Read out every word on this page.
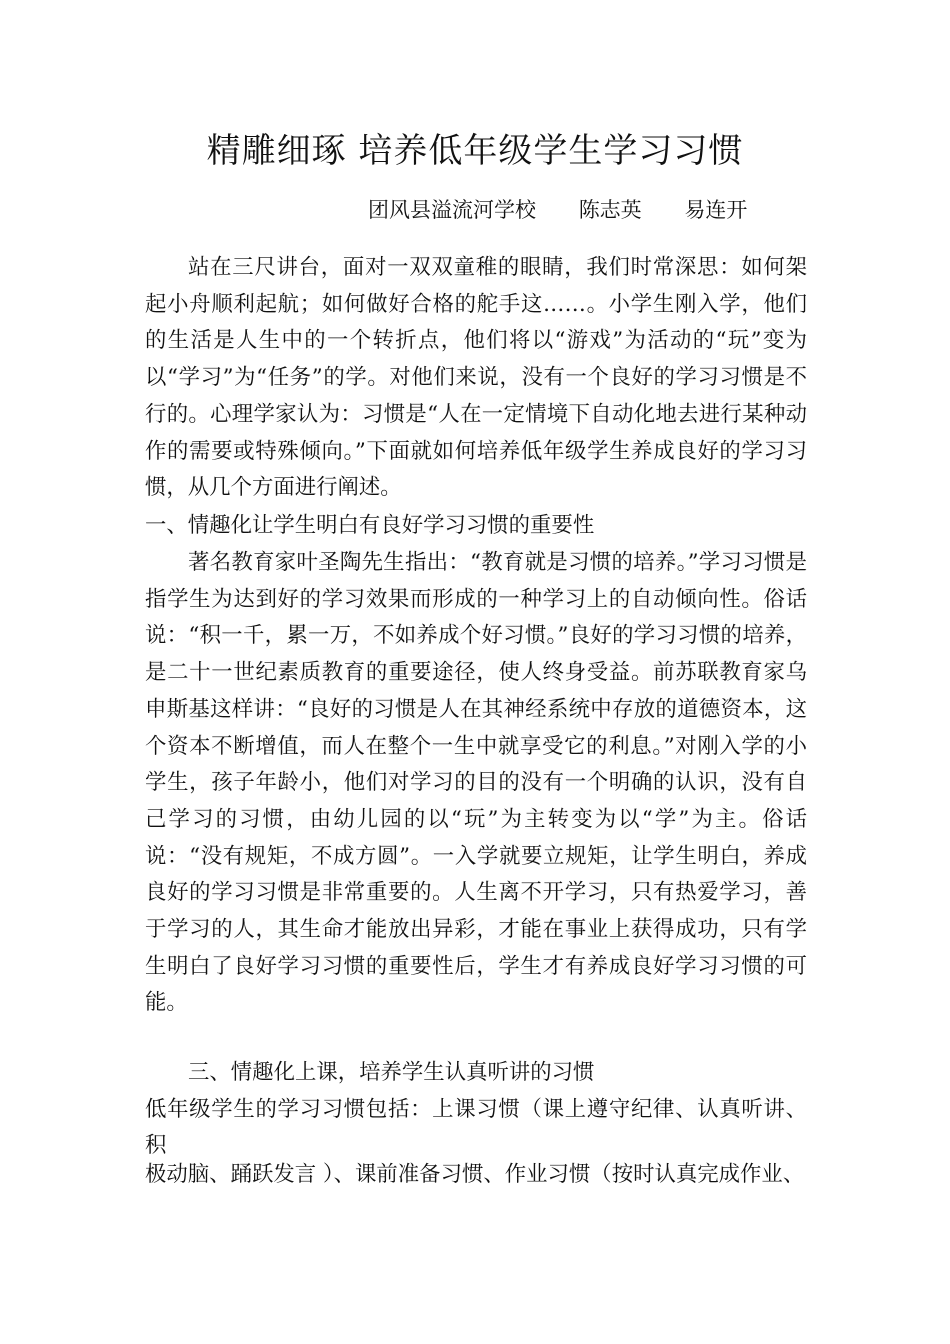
精雕细琢 培养低年级学生学习习惯
团风县溢流河学校 陈志英 易连开

站在三尺讲台，面对一双双童稚的眼睛，我们时常深思：如何架起小舟顺利起航；如何做好合格的舵手这……。小学生刚入学，他们的生活是人生中的一个转折点，他们将以“游戏”为活动的“玩”变为以“学习”为“任务”的学。对他们来说，没有一个良好的学习习惯是不行的。心理学家认为：习惯是“人在一定情境下自动化地去进行某种动作的需要或特殊倾向。”下面就如何培养低年级学生养成良好的学习习惯，从几个方面进行阐述。

一、情趣化让学生明白有良好学习习惯的重要性

著名教育家叶圣陶先生指出：“教育就是习惯的培养。”学习习惯是指学生为达到好的学习效果而形成的一种学习上的自动倾向性。俗话说：“积一千，累一万，不如养成个好习惯。”良好的学习习惯的培养，是二十一世纪素质教育的重要途径，使人终身受益。前苏联教育家乌申斯基这样讲：“良好的习惯是人在其神经系统中存放的道德资本，这个资本不断增值，而人在整个一生中就享受它的利息。”对刚入学的小学生，孩子年龄小，他们对学习的目的没有一个明确的认识，没有自己学习的习惯，由幼儿园的以“玩”为主转变为以“学”为主。俗话说：“没有规矩，不成方圆”。一入学就要立规矩，让学生明白，养成良好的学习习惯是非常重要的。人生离不开学习，只有热爱学习，善于学习的人，其生命才能放出异彩，才能在事业上获得成功，只有学生明白了良好学习习惯的重要性后，学生才有养成良好学习习惯的可能。

三、情趣化上课，培养学生认真听讲的习惯

低年级学生的学习习惯包括：上课习惯（课上遵守纪律、认真听讲、积

极动脑、踊跃发言 ）、课前准备习惯、作业习惯（按时认真完成作业、
